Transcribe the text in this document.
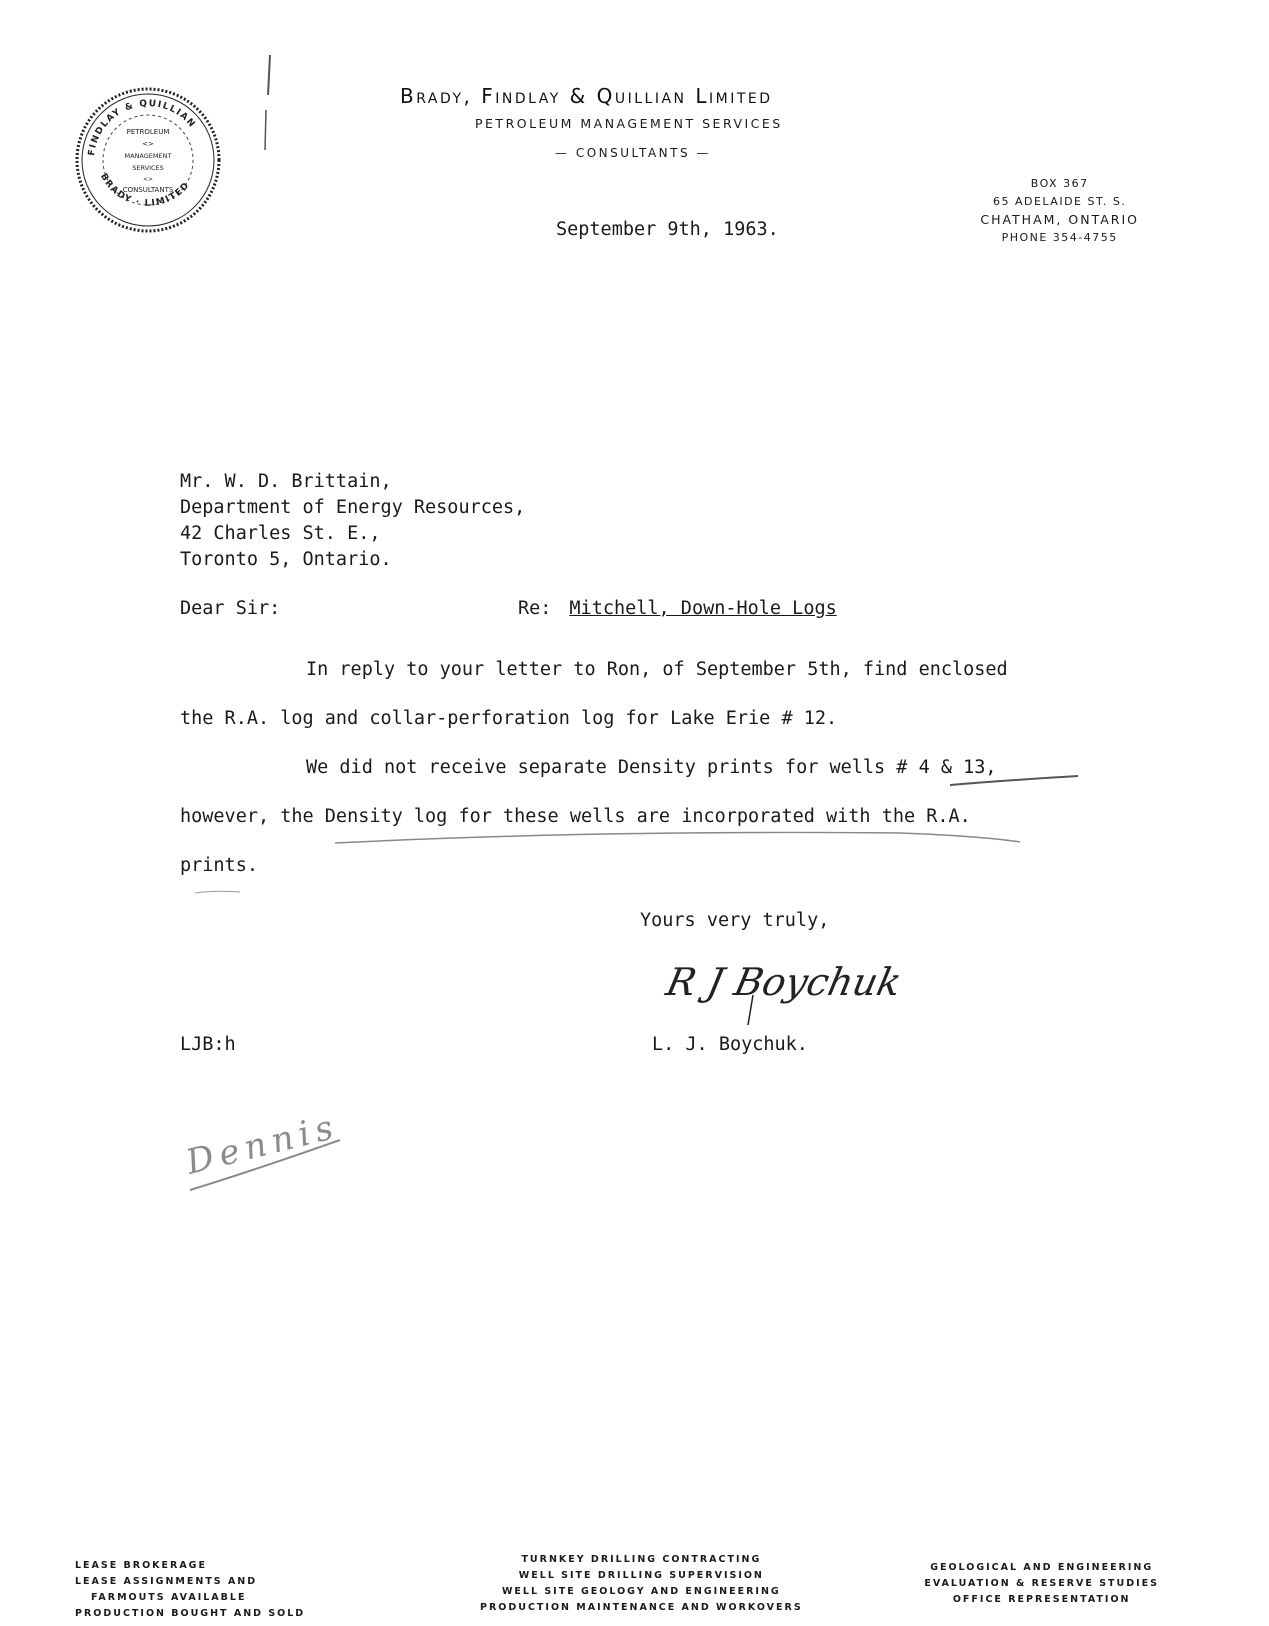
PETROLEUM
<>
MANAGEMENT
SERVICES
<>
CONSULTANTS
FINDLAY & QUILLIAN
BRADY · LIMITED
Brady, Findlay & Quillian Limited
PETROLEUM MANAGEMENT SERVICES
— CONSULTANTS —
BOX 367
65 ADELAIDE ST. S.
CHATHAM, ONTARIO
PHONE 354-4755
September 9th, 1963.
Mr. W. D. Brittain,
Department of Energy Resources,
42 Charles St. E.,
Toronto 5, Ontario.
Dear Sir:	Re: Mitchell, Down-Hole Logs
In reply to your letter to Ron, of September 5th, find enclosed
the R.A. log and collar-perforation log for Lake Erie # 12.
We did not receive separate Density prints for wells # 4 & 13,
however, the Density log for these wells are incorporated with the R.A.
prints.
Yours very truly,
R J Boychuk
LJB:h	L. J. Boychuk.
Dennis
LEASE BROKERAGE
LEASE ASSIGNMENTS AND
FARMOUTS AVAILABLE
PRODUCTION BOUGHT AND SOLD
TURNKEY DRILLING CONTRACTING
WELL SITE DRILLING SUPERVISION
WELL SITE GEOLOGY AND ENGINEERING
PRODUCTION MAINTENANCE AND WORKOVERS
GEOLOGICAL AND ENGINEERING
EVALUATION & RESERVE STUDIES
OFFICE REPRESENTATION
